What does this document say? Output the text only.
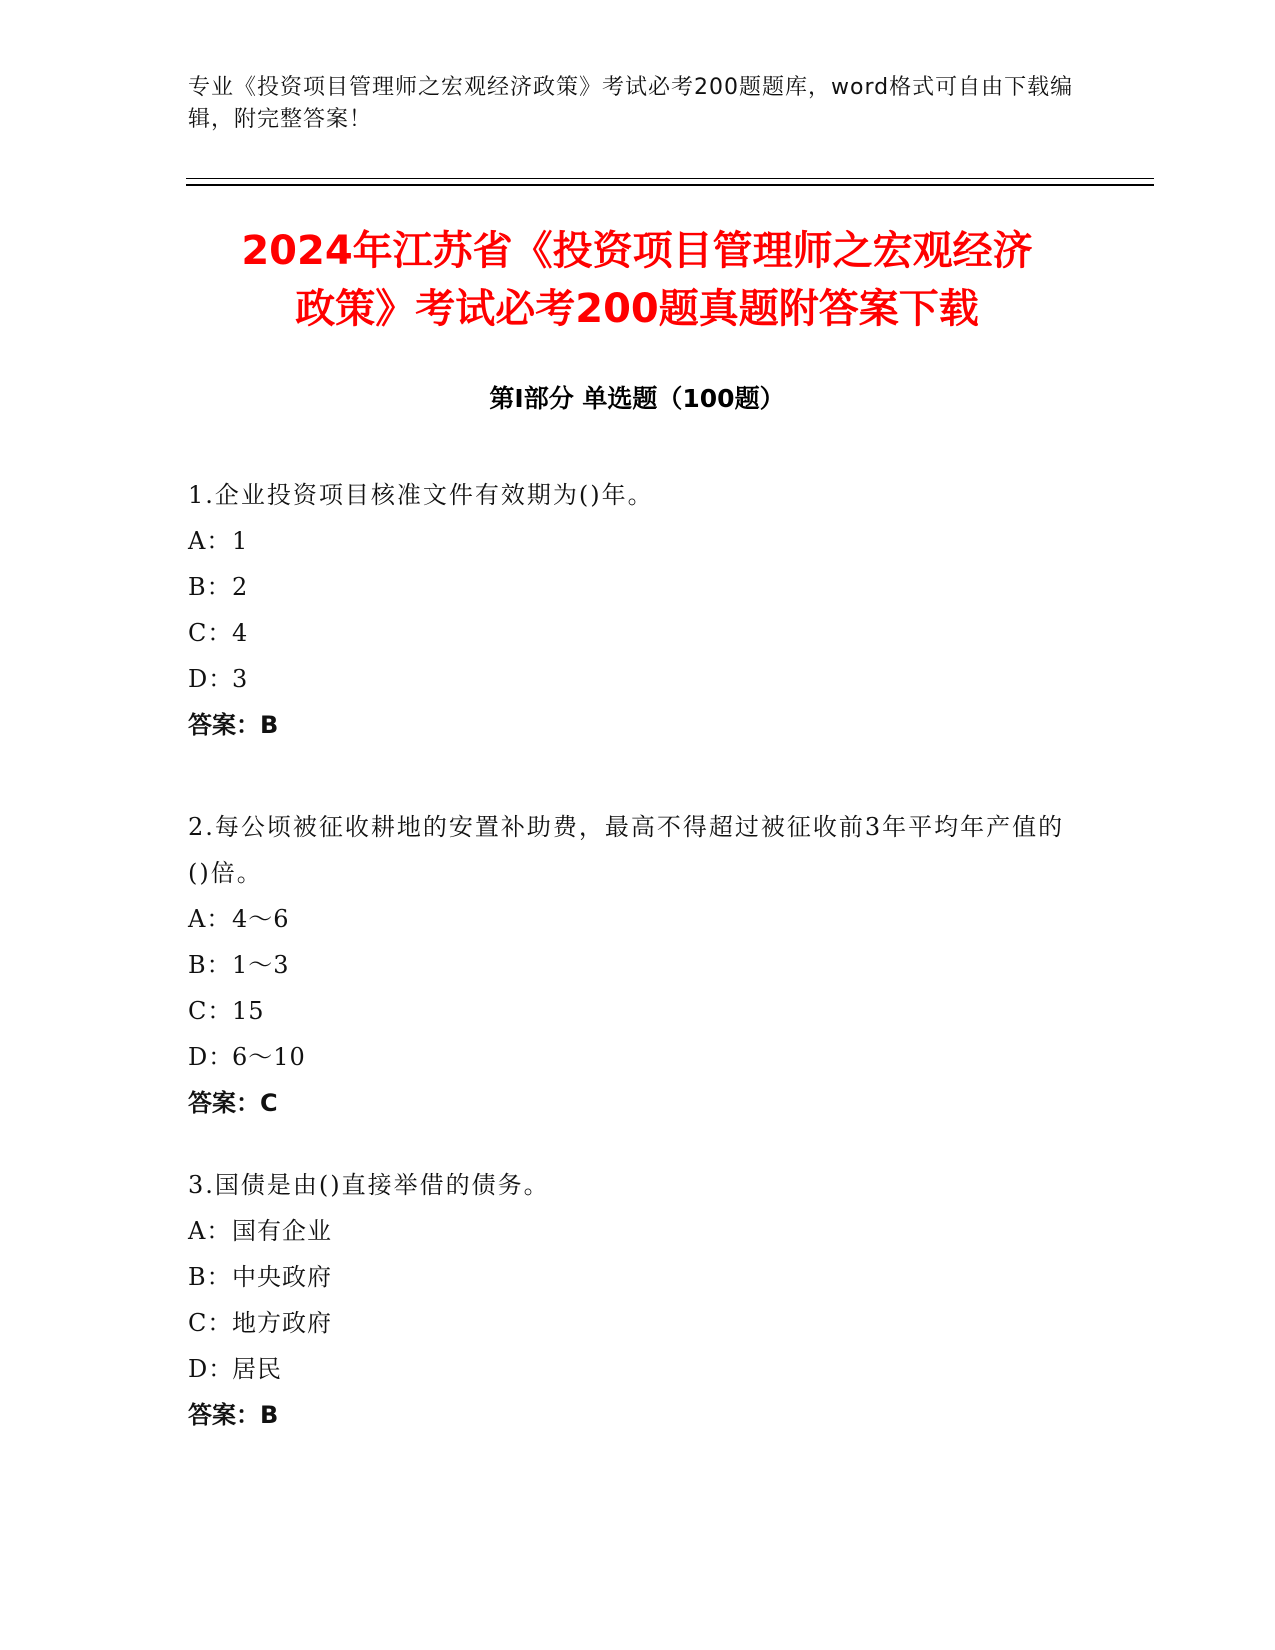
专业《投资项目管理师之宏观经济政策》考试必考200题题库，word格式可自由下载编辑，附完整答案！
2024年江苏省《投资项目管理师之宏观经济
政策》考试必考200题真题附答案下载
第Ⅰ部分 单选题（100题）
1.企业投资项目核准文件有效期为()年。
A：1
B：2
C：4
D：3
答案：B
2.每公顷被征收耕地的安置补助费，最高不得超过被征收前3年平均年产值的()倍。
A：4～6
B：1～3
C：15
D：6～10
答案：C
3.国债是由()直接举借的债务。
A：国有企业
B：中央政府
C：地方政府
D：居民
答案：B
